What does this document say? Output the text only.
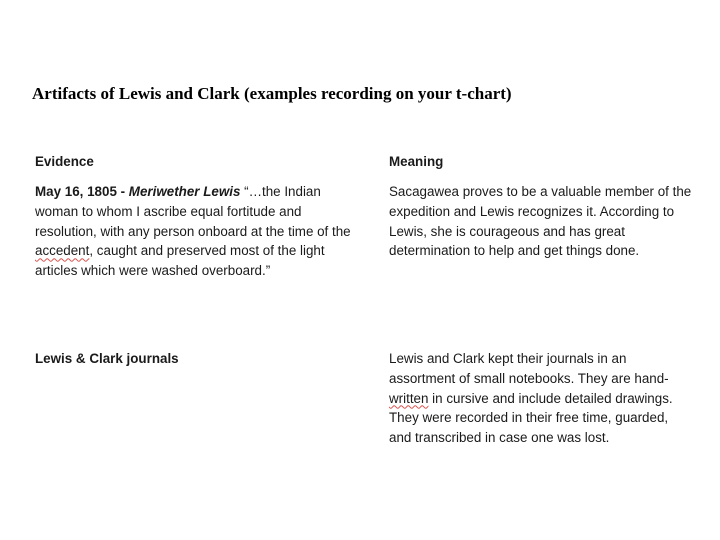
Artifacts of Lewis and Clark (examples recording on your t-chart)
Evidence	Meaning
May 16, 1805 - Meriwether Lewis “…the Indian woman to whom I ascribe equal fortitude and resolution, with any person onboard at the time of the accedent, caught and preserved most of the light articles which were washed overboard.”
Sacagawea proves to be a valuable member of the expedition and Lewis recognizes it. According to Lewis, she is courageous and has great determination to help and get things done.
Lewis & Clark journals	Lewis and Clark kept their journals in an assortment of small notebooks. They are hand-written in cursive and include detailed drawings. They were recorded in their free time, guarded, and transcribed in case one was lost.
